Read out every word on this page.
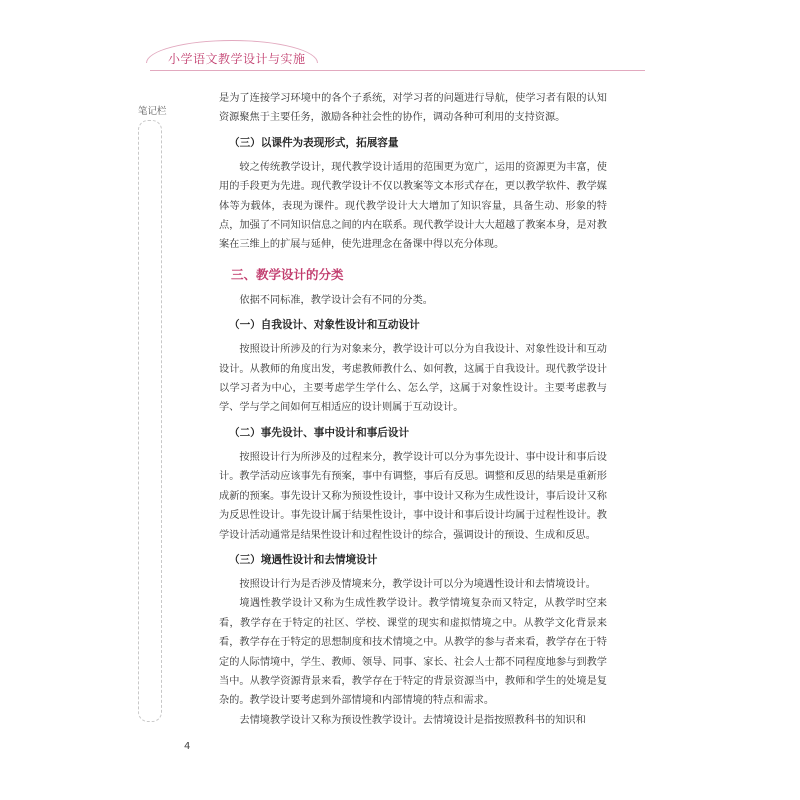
小学语文教学设计与实施
笔记栏

是为了连接学习环境中的各个子系统，对学习者的问题进行导航，使学习者有限的认知资源聚焦于主要任务，激励各种社会性的协作，调动各种可利用的支持资源。

（三）以课件为表现形式，拓展容量

较之传统教学设计，现代教学设计适用的范围更为宽广，运用的资源更为丰富，使用的手段更为先进。现代教学设计不仅以教案等文本形式存在，更以教学软件、教学媒体等为载体，表现为课件。现代教学设计大大增加了知识容量，具备生动、形象的特点，加强了不同知识信息之间的内在联系。现代教学设计大大超越了教案本身，是对教案在三维上的扩展与延伸，使先进理念在备课中得以充分体现。

三、教学设计的分类

依据不同标准，教学设计会有不同的分类。

（一）自我设计、对象性设计和互动设计

按照设计所涉及的行为对象来分，教学设计可以分为自我设计、对象性设计和互动设计。从教师的角度出发，考虑教师教什么、如何教，这属于自我设计。现代教学设计以学习者为中心，主要考虑学生学什么、怎么学，这属于对象性设计。主要考虑教与学、学与学之间如何互相适应的设计则属于互动设计。

（二）事先设计、事中设计和事后设计

按照设计行为所涉及的过程来分，教学设计可以分为事先设计、事中设计和事后设计。教学活动应该事先有预案，事中有调整，事后有反思。调整和反思的结果是重新形成新的预案。事先设计又称为预设性设计，事中设计又称为生成性设计，事后设计又称为反思性设计。事先设计属于结果性设计，事中设计和事后设计均属于过程性设计。教学设计活动通常是结果性设计和过程性设计的综合，强调设计的预设、生成和反思。

（三）境遇性设计和去情境设计

按照设计行为是否涉及情境来分，教学设计可以分为境遇性设计和去情境设计。

境遇性教学设计又称为生成性教学设计。教学情境复杂而又特定，从教学时空来看，教学存在于特定的社区、学校、课堂的现实和虚拟情境之中。从教学文化背景来看，教学存在于特定的思想制度和技术情境之中。从教学的参与者来看，教学存在于特定的人际情境中，学生、教师、领导、同事、家长、社会人士都不同程度地参与到教学当中。从教学资源背景来看，教学存在于特定的背景资源当中，教师和学生的处境是复杂的。教学设计要考虑到外部情境和内部情境的特点和需求。

去情境教学设计又称为预设性教学设计。去情境设计是指按照教科书的知识和

4
